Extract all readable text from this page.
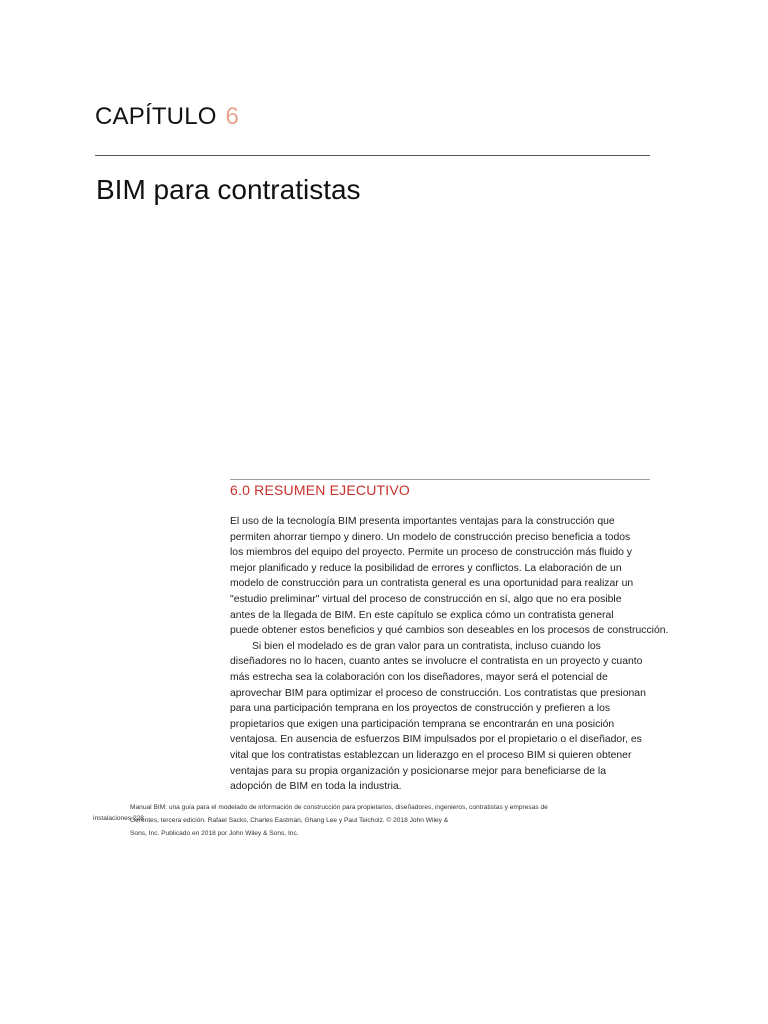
CAPÍTULO 6
BIM para contratistas
6.0 RESUMEN EJECUTIVO

El uso de la tecnología BIM presenta importantes ventajas para la construcción que
permiten ahorrar tiempo y dinero. Un modelo de construcción preciso beneficia a todos
los miembros del equipo del proyecto. Permite un proceso de construcción más fluido y
mejor planificado y reduce la posibilidad de errores y conflictos. La elaboración de un
modelo de construcción para un contratista general es una oportunidad para realizar un
"estudio preliminar" virtual del proceso de construcción en sí, algo que no era posible
antes de la llegada de BIM. En este capítulo se explica cómo un contratista general
puede obtener estos beneficios y qué cambios son deseables en los procesos de construcción.

Si bien el modelado es de gran valor para un contratista, incluso cuando los
diseñadores no lo hacen, cuanto antes se involucre el contratista en un proyecto y cuanto
más estrecha sea la colaboración con los diseñadores, mayor será el potencial de
aprovechar BIM para optimizar el proceso de construcción. Los contratistas que presionan
para una participación temprana en los proyectos de construcción y prefieren a los
propietarios que exigen una participación temprana se encontrarán en una posición
ventajosa. En ausencia de esfuerzos BIM impulsados por el propietario o el diseñador, es
vital que los contratistas establezcan un liderazgo en el proceso BIM si quieren obtener
ventajas para su propia organización y posicionarse mejor para beneficiarse de la
adopción de BIM en toda la industria.

Manual BIM: una guía para el modelado de información de construcción para propietarios, diseñadores, ingenieros, contratistas y empresas de
instalaciones 228
Gerentes, tercera edición. Rafael Sacks, Charles Eastman, Ghang Lee y Paul Teicholz. © 2018 John Wiley &
Sons, Inc. Publicado en 2018 por John Wiley & Sons, Inc.
